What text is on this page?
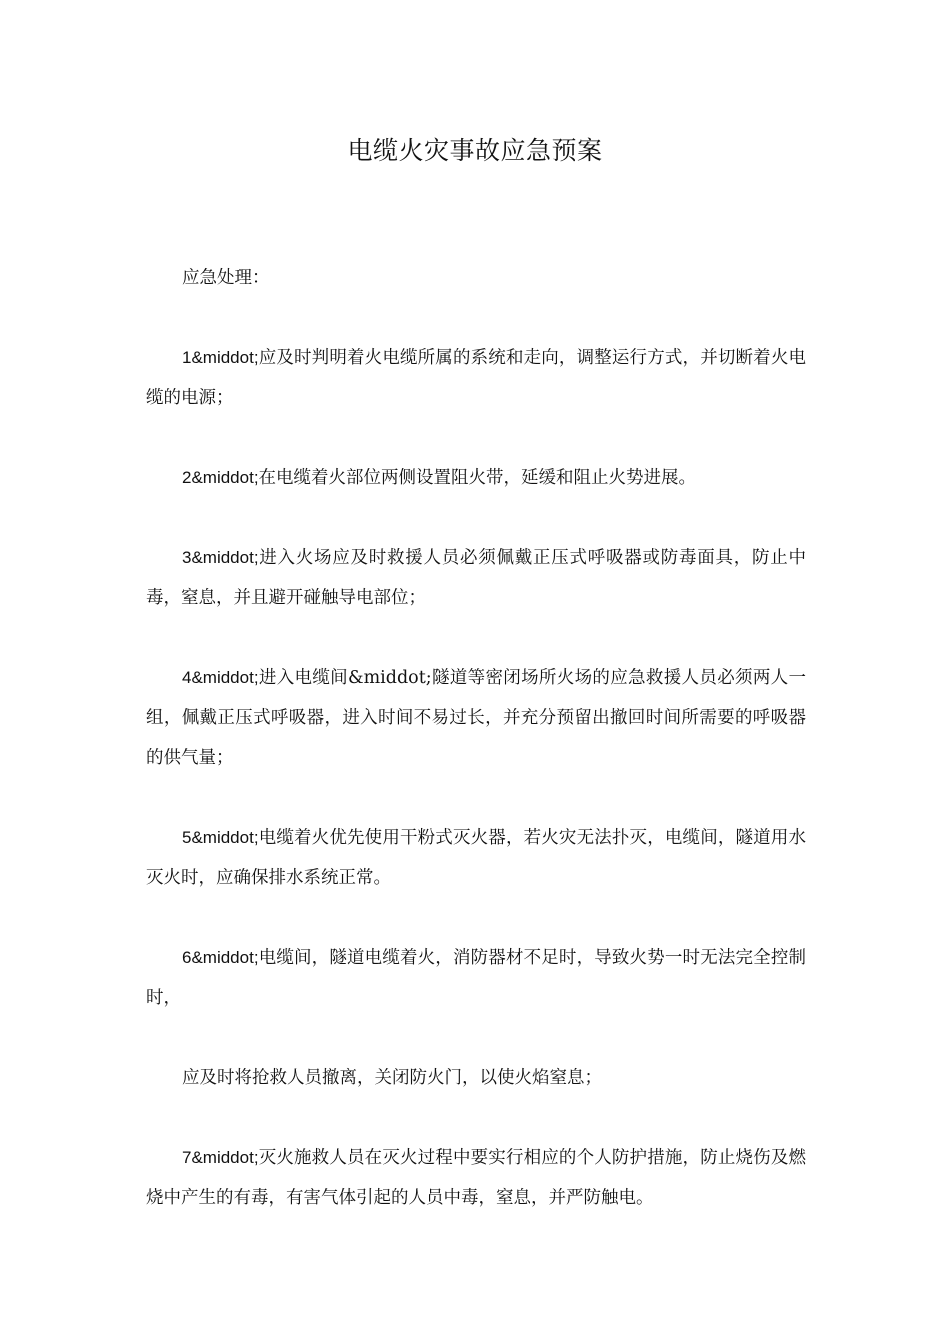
电缆火灾事故应急预案

应急处理：

1&middot;应及时判明着火电缆所属的系统和走向，调整运行方式，并切断着火电缆的电源；

2&middot;在电缆着火部位两侧设置阻火带，延缓和阻止火势进展。

3&middot;进入火场应及时救援人员必须佩戴正压式呼吸器或防毒面具，防止中毒，窒息，并且避开碰触导电部位；

4&middot;进入电缆间&middot;隧道等密闭场所火场的应急救援人员必须两人一组，佩戴正压式呼吸器，进入时间不易过长，并充分预留出撤回时间所需要的呼吸器的供气量；

5&middot;电缆着火优先使用干粉式灭火器，若火灾无法扑灭，电缆间，隧道用水灭火时，应确保排水系统正常。

6&middot;电缆间，隧道电缆着火，消防器材不足时，导致火势一时无法完全控制时，

应及时将抢救人员撤离，关闭防火门，以使火焰窒息；

7&middot;灭火施救人员在灭火过程中要实行相应的个人防护措施，防止烧伤及燃烧中产生的有毒，有害气体引起的人员中毒，窒息，并严防触电。
